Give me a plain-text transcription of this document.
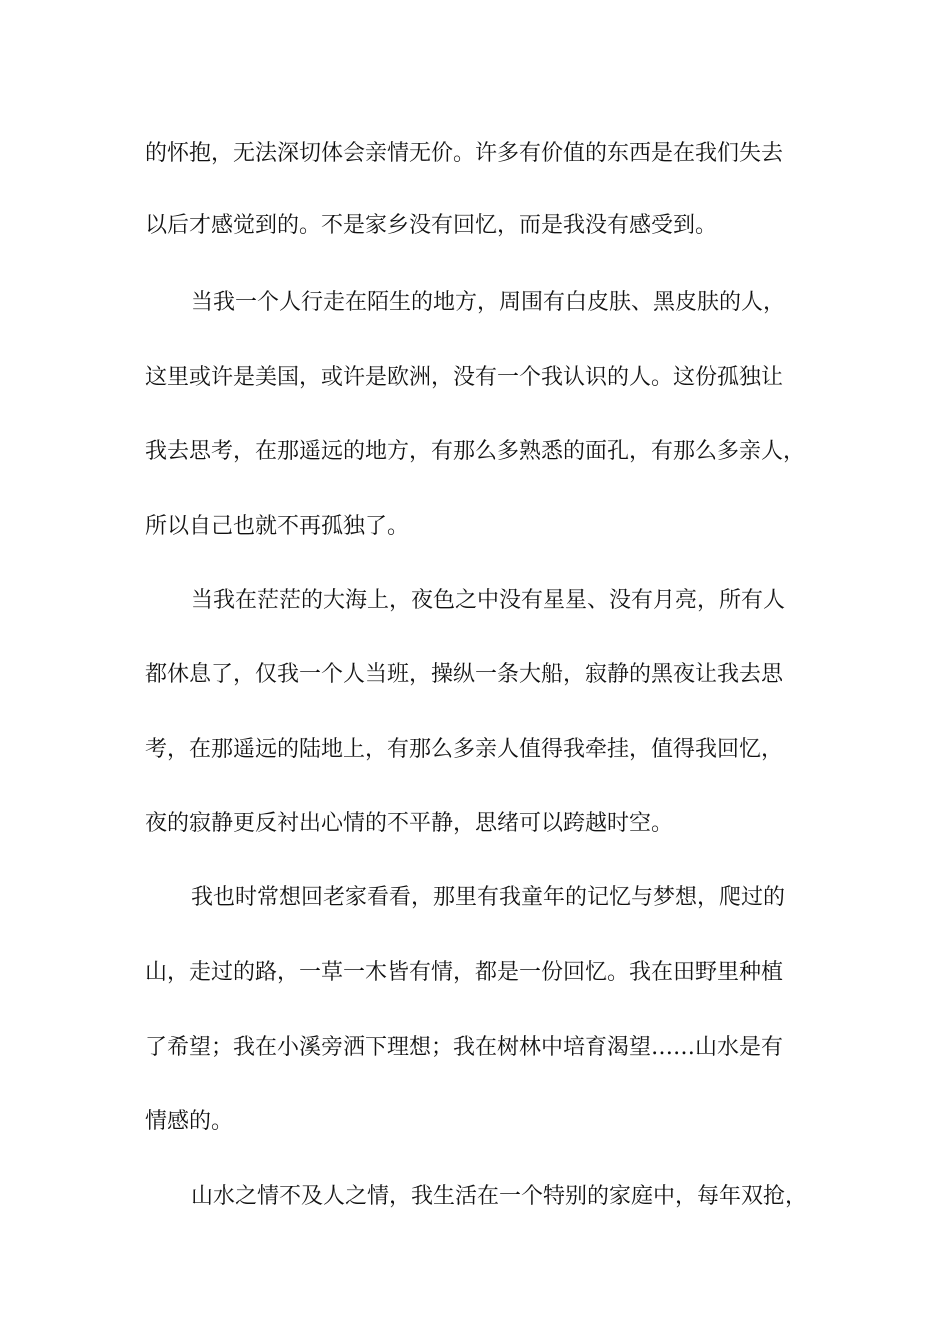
的怀抱，无法深切体会亲情无价。许多有价值的东西是在我们失去
以后才感觉到的。不是家乡没有回忆，而是我没有感受到。
当我一个人行走在陌生的地方，周围有白皮肤、黑皮肤的人，
这里或许是美国，或许是欧洲，没有一个我认识的人。这份孤独让
我去思考，在那遥远的地方，有那么多熟悉的面孔，有那么多亲人，
所以自己也就不再孤独了。
当我在茫茫的大海上，夜色之中没有星星、没有月亮，所有人
都休息了，仅我一个人当班，操纵一条大船，寂静的黑夜让我去思
考，在那遥远的陆地上，有那么多亲人值得我牵挂，值得我回忆，
夜的寂静更反衬出心情的不平静，思绪可以跨越时空。
我也时常想回老家看看，那里有我童年的记忆与梦想，爬过的
山，走过的路，一草一木皆有情，都是一份回忆。我在田野里种植
了希望；我在小溪旁洒下理想；我在树林中培育渴望……山水是有
情感的。
山水之情不及人之情，我生活在一个特别的家庭中，每年双抢，
